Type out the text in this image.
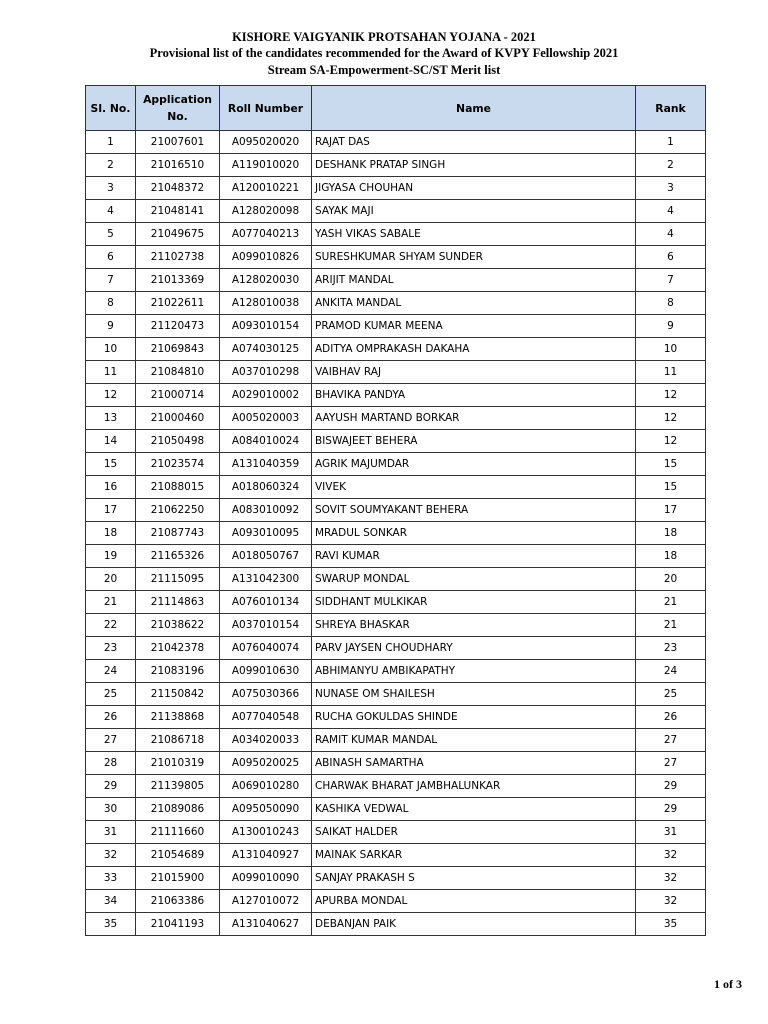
KISHORE VAIGYANIK PROTSAHAN YOJANA - 2021
Provisional list of the candidates recommended for the Award of KVPY Fellowship 2021
Stream SA-Empowerment-SC/ST Merit list
Sl. No.	Application No.	Roll Number	Name	Rank
1	21007601	A095020020	RAJAT DAS	1
2	21016510	A119010020	DESHANK PRATAP SINGH	2
3	21048372	A120010221	JIGYASA CHOUHAN	3
4	21048141	A128020098	SAYAK MAJI	4
5	21049675	A077040213	YASH VIKAS SABALE	4
6	21102738	A099010826	SURESHKUMAR SHYAM SUNDER	6
7	21013369	A128020030	ARIJIT MANDAL	7
8	21022611	A128010038	ANKITA MANDAL	8
9	21120473	A093010154	PRAMOD KUMAR MEENA	9
10	21069843	A074030125	ADITYA OMPRAKASH DAKAHA	10
11	21084810	A037010298	VAIBHAV RAJ	11
12	21000714	A029010002	BHAVIKA PANDYA	12
13	21000460	A005020003	AAYUSH MARTAND BORKAR	12
14	21050498	A084010024	BISWAJEET BEHERA	12
15	21023574	A131040359	AGRIK MAJUMDAR	15
16	21088015	A018060324	VIVEK	15
17	21062250	A083010092	SOVIT SOUMYAKANT BEHERA	17
18	21087743	A093010095	MRADUL SONKAR	18
19	21165326	A018050767	RAVI KUMAR	18
20	21115095	A131042300	SWARUP MONDAL	20
21	21114863	A076010134	SIDDHANT MULKIKAR	21
22	21038622	A037010154	SHREYA BHASKAR	21
23	21042378	A076040074	PARV JAYSEN CHOUDHARY	23
24	21083196	A099010630	ABHIMANYU AMBIKAPATHY	24
25	21150842	A075030366	NUNASE OM SHAILESH	25
26	21138868	A077040548	RUCHA GOKULDAS SHINDE	26
27	21086718	A034020033	RAMIT KUMAR MANDAL	27
28	21010319	A095020025	ABINASH SAMARTHA	27
29	21139805	A069010280	CHARWAK BHARAT JAMBHALUNKAR	29
30	21089086	A095050090	KASHIKA VEDWAL	29
31	21111660	A130010243	SAIKAT HALDER	31
32	21054689	A131040927	MAINAK SARKAR	32
33	21015900	A099010090	SANJAY PRAKASH S	32
34	21063386	A127010072	APURBA MONDAL	32
35	21041193	A131040627	DEBANJAN PAIK	35
1 of 3
